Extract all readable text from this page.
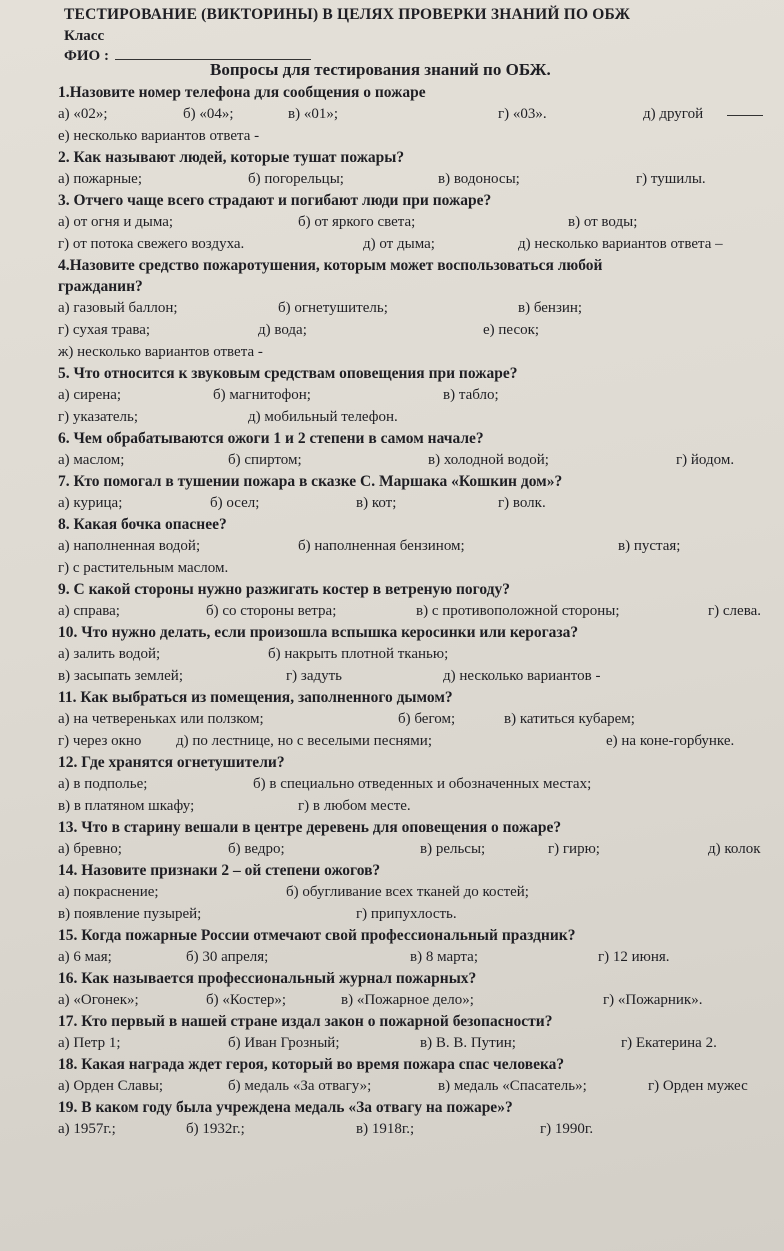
ТЕСТИРОВАНИЕ (ВИКТОРИНЫ) В ЦЕЛЯХ ПРОВЕРКИ ЗНАНИЙ ПО ОБЖ
Класс
ФИО :
Вопросы для тестирования знаний по ОБЖ.
1.Назовите номер телефона для сообщения о пожаре
а) «02»;	б) «04»;	в) «01»;	г) «03».	д) другой
е) несколько вариантов ответа -
2. Как называют людей, которые тушат пожары?
а) пожарные;	б) погорельцы;	в) водоносы;	г) тушилы.
3. Отчего чаще всего страдают и погибают люди при пожаре?
а) от огня и дыма;	б) от яркого света;	в) от воды;
г) от потока свежего воздуха.	д) от дыма;	д) несколько вариантов ответа –
4.Назовите средство пожаротушения, которым может воспользоваться любой
гражданин?
а) газовый баллон;	б) огнетушитель;	в) бензин;
г) сухая трава;	д) вода;	е) песок;
ж) несколько вариантов ответа -
5. Что относится к звуковым средствам оповещения при пожаре?
а) сирена;	б) магнитофон;	в) табло;
г) указатель;	д) мобильный телефон.
6. Чем обрабатываются ожоги 1 и 2 степени в самом начале?
а) маслом;	б) спиртом;	в) холодной водой;	г) йодом.
7. Кто помогал в тушении пожара в сказке С. Маршака «Кошкин дом»?
а) курица;	б) осел;	в) кот;	г) волк.
8. Какая бочка опаснее?
а) наполненная водой;	б) наполненная бензином;	в) пустая;
г) с растительным маслом.
9. С какой стороны нужно разжигать костер в ветреную погоду?
а) справа;	б) со стороны ветра;	в) с противоположной стороны;	г) слева.
10. Что нужно делать, если произошла вспышка керосинки или керогаза?
а) залить водой;	б) накрыть плотной тканью;
в) засыпать землей;	г) задуть	д) несколько вариантов -
11. Как выбраться из помещения, заполненного дымом?
а) на четвереньках или ползком;	б) бегом;	в) катиться кубарем;
г) через окно д) по лестнице, но с веселыми песнями;	е) на коне-горбунке.
12. Где хранятся огнетушители?
а) в подполье;	б) в специально отведенных и обозначенных местах;
в) в платяном шкафу;	г) в любом месте.
13. Что в старину вешали в центре деревень для оповещения о пожаре?
а) бревно;	б) ведро;	в) рельсы;	г) гирю;	д) колок
14. Назовите признаки 2 – ой степени ожогов?
а) покраснение;	б) обугливание всех тканей до костей;
в) появление пузырей;	г) припухлость.
15. Когда пожарные России отмечают свой профессиональный праздник?
а) 6 мая;	б) 30 апреля;	в) 8 марта;	г) 12 июня.
16. Как называется профессиональный журнал пожарных?
а) «Огонек»;	б) «Костер»;	в) «Пожарное дело»;	г) «Пожарник».
17. Кто первый в нашей стране издал закон о пожарной безопасности?
а) Петр 1;	б) Иван Грозный;	в) В. В. Путин;	г) Екатерина 2.
18. Какая награда ждет героя, который во время пожара спас человека?
а) Орден Славы;	б) медаль «За отвагу»;	в) медаль «Спасатель»;	г) Орден мужес
19. В каком году была учреждена медаль «За отвагу на пожаре»?
а) 1957г.;	б) 1932г.;	в) 1918г.;	г) 1990г.
